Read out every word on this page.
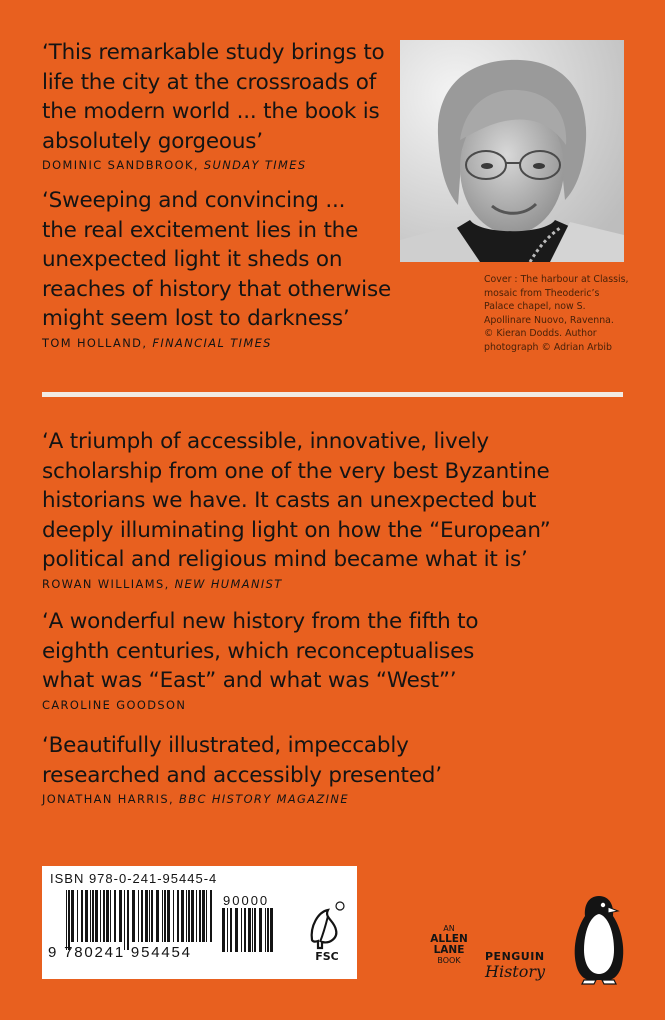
‘This remarkable study brings to
life the city at the crossroads of
the modern world ... the book is
absolutely gorgeous’
DOMINIC SANDBROOK, SUNDAY TIMES
‘Sweeping and convincing ...
the real excitement lies in the
unexpected light it sheds on
reaches of history that otherwise
might seem lost to darkness’
TOM HOLLAND, FINANCIAL TIMES
Cover : The harbour at Classis,
mosaic from Theoderic’s
Palace chapel, now S.
Apollinare Nuovo, Ravenna.
© Kieran Dodds. Author
photograph © Adrian Arbib
‘A triumph of accessible, innovative, lively
scholarship from one of the very best Byzantine
historians we have. It casts an unexpected but
deeply illuminating light on how the “European”
political and religious mind became what it is’
ROWAN WILLIAMS, NEW HUMANIST
‘A wonderful new history from the fifth to
eighth centuries, which reconceptualises
what was “East” and what was “West”’
CAROLINE GOODSON
‘Beautifully illustrated, impeccably
researched and accessibly presented’
JONATHAN HARRIS, BBC HISTORY MAGAZINE
ISBN 978-0-241-95445-4
90000
FSC
9 780241 954454
AN
ALLEN
LANE
BOOK	PENGUIN
History
